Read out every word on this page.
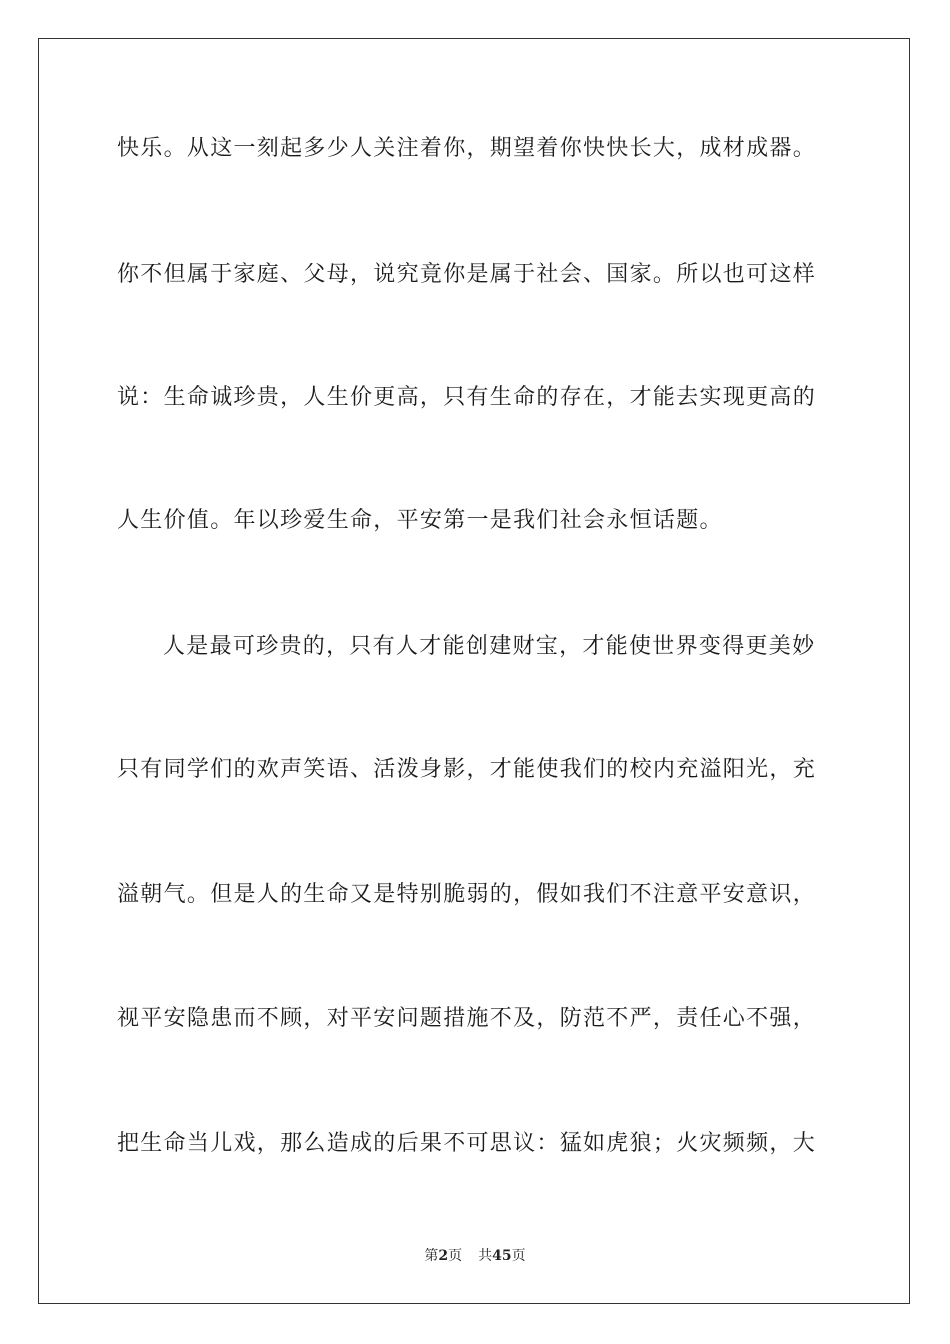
快乐。从这一刻起多少人关注着你，期望着你快快长大，成材成器。
你不但属于家庭、父母，说究竟你是属于社会、国家。所以也可这样
说：生命诚珍贵，人生价更高，只有生命的存在，才能去实现更高的
人生价值。年以珍爱生命，平安第一是我们社会永恒话题。
人是最可珍贵的，只有人才能创建财宝，才能使世界变得更美妙
只有同学们的欢声笑语、活泼身影，才能使我们的校内充溢阳光，充
溢朝气。但是人的生命又是特别脆弱的，假如我们不注意平安意识，
视平安隐患而不顾，对平安问题措施不及，防范不严，责任心不强，
把生命当儿戏，那么造成的后果不可思议：猛如虎狼；火灾频频，大
第2页 共45页
